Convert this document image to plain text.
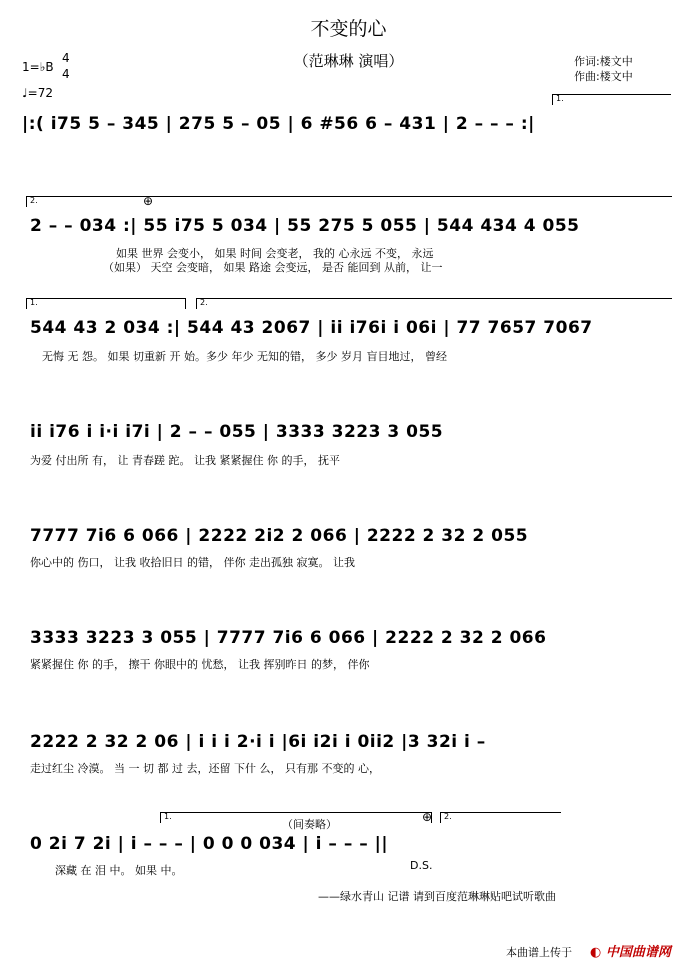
不变的心
（范琳琳 演唱）
1=♭B
4
4
♩=72
作词:楼文中
作曲:楼文中
1.
|:( i75 5 – 345 | 275 5 – 05 | 6 #56 6 – 431 | 2 – – – :|
2.	⊕
2 – – 034 :| 55 i75 5 034 | 55 275 5 055 | 544 434 4 055
如果 世界 会变小， 如果 时间 会变老， 我的 心永远 不变， 永远
（如果） 天空 会变暗， 如果 路途 会变远， 是否 能回到 从前， 让一
1.	2.
544 43 2 034 :| 544 43 2067 | ii i76i i 06i | 77 7657 7067
无悔 无 怨。 如果 切重新 开 始。多少 年少 无知的错， 多少 岁月 盲目地过， 曾经
ii i76 i i·i i7i | 2 – – 055 | 3333 3223 3 055
为爱 付出所 有， 让 青春蹉 跎。 让我 紧紧握住 你 的手， 抚平
7777 7i6 6 066 | 2222 2i2 2 066 | 2222 2 32 2 055
你心中的 伤口， 让我 收拾旧日 的错， 伴你 走出孤独 寂寞。 让我
3333 3223 3 055 | 7777 7i6 6 066 | 2222 2 32 2 066
紧紧握住 你 的手， 擦干 你眼中的 忧愁， 让我 挥别昨日 的梦， 伴你
2222 2 32 2 06 | i i i 2·i i |6i i2i i 0ii2 |3 32i i –
走过红尘 冷漠。 当 一 切 都 过 去，还留 下什 么， 只有那 不变的 心，
1.	2.
（间奏略）
⊕
0 2i 7 2i | i – – – | 0 0 0 034 | i – – – ||
深藏 在 泪 中。 如果 中。	D.S.
——绿水青山 记谱 请到百度范琳琳贴吧试听歌曲
本曲谱上传于 ◐ 中国曲谱网
